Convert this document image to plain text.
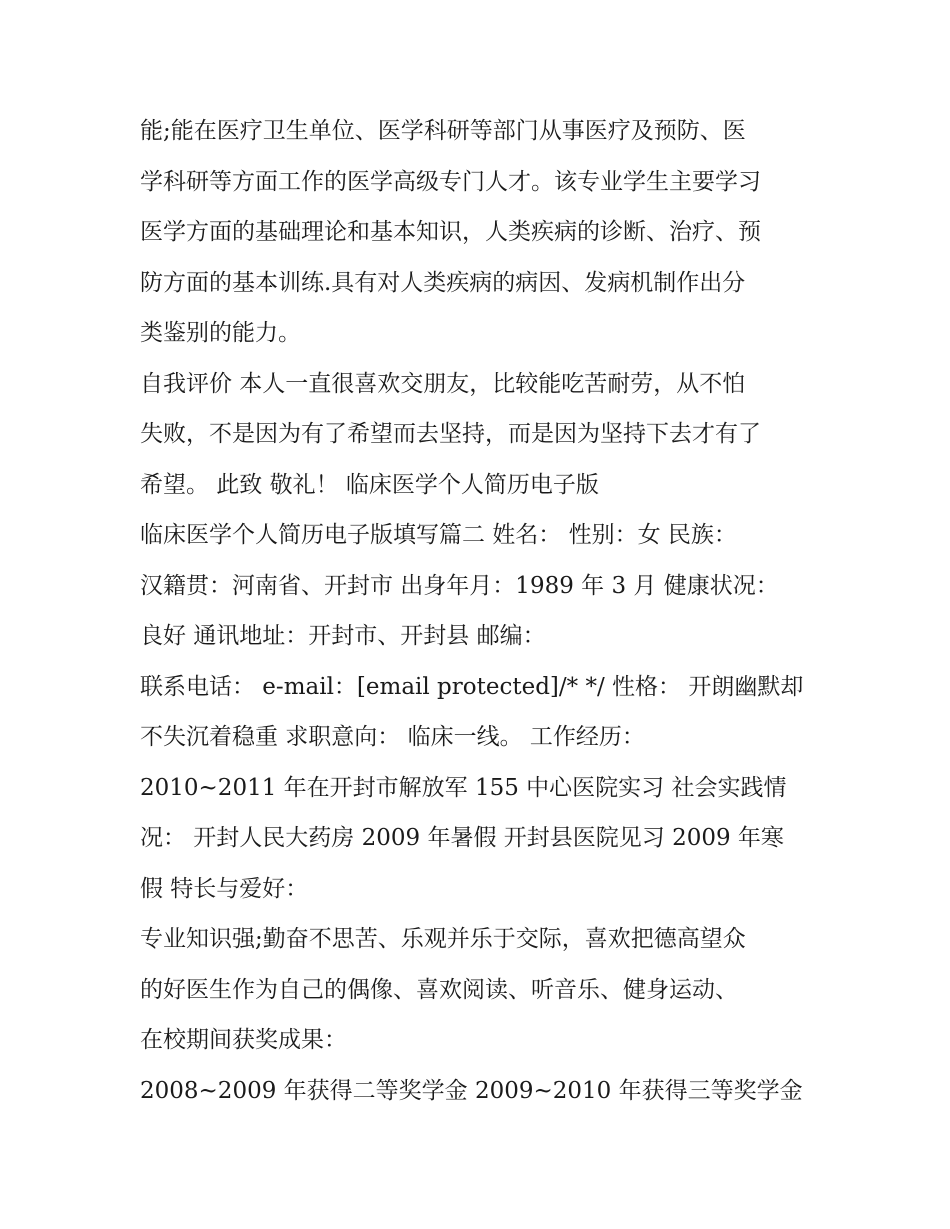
能;能在医疗卫生单位、医学科研等部门从事医疗及预防、医
学科研等方面工作的医学高级专门人才。该专业学生主要学习
医学方面的基础理论和基本知识，人类疾病的诊断、治疗、预
防方面的基本训练.具有对人类疾病的病因、发病机制作出分
类鉴别的能力。

自我评价 本人一直很喜欢交朋友，比较能吃苦耐劳，从不怕
失败，不是因为有了希望而去坚持，而是因为坚持下去才有了
希望。 此致 敬礼！ 临床医学个人简历电子版

临床医学个人简历电子版填写篇二 姓名： 性别：女 民族：
汉籍贯：河南省、开封市 出身年月：1989 年 3 月 健康状况：
良好 通讯地址：开封市、开封县 邮编：

联系电话： e-mail：[email protected]/* */ 性格： 开朗幽默却
不失沉着稳重 求职意向： 临床一线。 工作经历：

2010~2011 年在开封市解放军 155 中心医院实习 社会实践情
况： 开封人民大药房 2009 年暑假 开封县医院见习 2009 年寒
假 特长与爱好：

专业知识强;勤奋不思苦、乐观并乐于交际，喜欢把德高望众
的好医生作为自己的偶像、喜欢阅读、听音乐、健身运动、
在校期间获奖成果：

2008~2009 年获得二等奖学金 2009~2010 年获得三等奖学金
